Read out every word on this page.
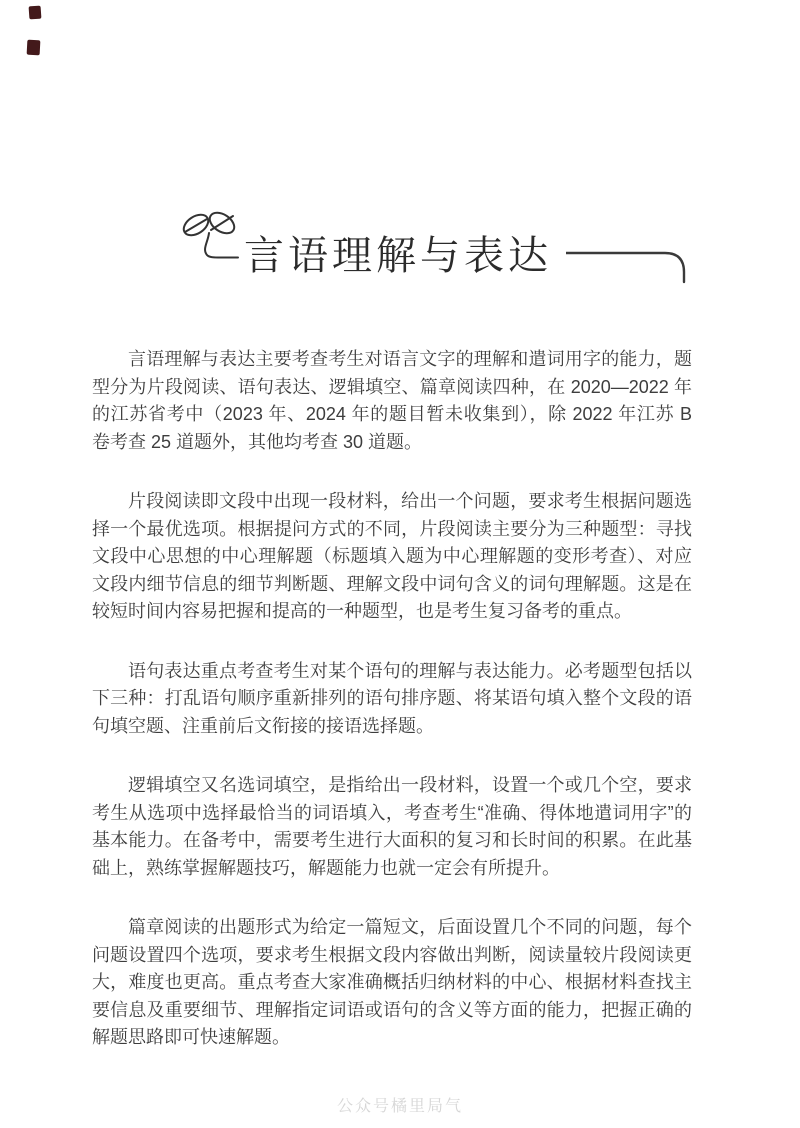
言语理解与表达

言语理解与表达主要考查考生对语言文字的理解和遣词用字的能力，题型分为片段阅读、语句表达、逻辑填空、篇章阅读四种，在 2020—2022 年的江苏省考中（2023 年、2024 年的题目暂未收集到），除 2022 年江苏 B 卷考查 25 道题外，其他均考查 30 道题。

片段阅读即文段中出现一段材料，给出一个问题，要求考生根据问题选择一个最优选项。根据提问方式的不同，片段阅读主要分为三种题型：寻找文段中心思想的中心理解题（标题填入题为中心理解题的变形考查）、对应文段内细节信息的细节判断题、理解文段中词句含义的词句理解题。这是在较短时间内容易把握和提高的一种题型，也是考生复习备考的重点。

语句表达重点考查考生对某个语句的理解与表达能力。必考题型包括以下三种：打乱语句顺序重新排列的语句排序题、将某语句填入整个文段的语句填空题、注重前后文衔接的接语选择题。

逻辑填空又名选词填空，是指给出一段材料，设置一个或几个空，要求考生从选项中选择最恰当的词语填入，考查考生“准确、得体地遣词用字”的基本能力。在备考中，需要考生进行大面积的复习和长时间的积累。在此基础上，熟练掌握解题技巧，解题能力也就一定会有所提升。

篇章阅读的出题形式为给定一篇短文，后面设置几个不同的问题，每个问题设置四个选项，要求考生根据文段内容做出判断，阅读量较片段阅读更大，难度也更高。重点考查大家准确概括归纳材料的中心、根据材料查找主要信息及重要细节、理解指定词语或语句的含义等方面的能力，把握正确的解题思路即可快速解题。

公众号橘里局气
